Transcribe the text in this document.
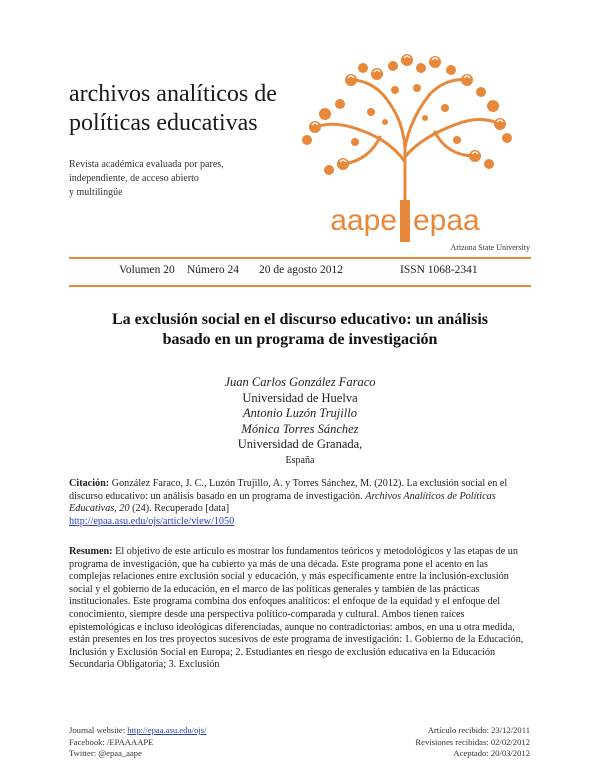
archivos analíticos de
políticas educativas
Revista académica evaluada por pares,
independiente, de acceso abierto
y multilingüe
aape epaa
Arizona State University
Volumen 20 Número 24 20 de agosto 2012	ISSN 1068-2341
La exclusión social en el discurso educativo: un análisis
basado en un programa de investigación
Juan Carlos González Faraco
Universidad de Huelva
Antonio Luzón Trujillo
Mónica Torres Sánchez
Universidad de Granada,
España
Citación: González Faraco, J. C., Luzón Trujillo, A. y Torres Sánchez, M. (2012). La exclusión social en el discurso educativo: un análisis basado en un programa de investigación. Archivos Analíticos de Políticas Educativas, 20 (24). Recuperado [data]
http://epaa.asu.edu/ojs/article/view/1050
Resumen: El objetivo de este artículo es mostrar los fundamentos teóricos y metodológicos y las etapas de un programa de investigación, que ha cubierto ya más de una década. Este programa pone el acento en las complejas relaciones entre exclusión social y educación, y más específicamente entre la inclusión-exclusión social y el gobierno de la educación, en el marco de las políticas generales y también de las prácticas institucionales. Este programa combina dos enfoques analíticos: el enfoque de la equidad y el enfoque del conocimiento, siempre desde una perspectiva político-comparada y cultural. Ambos tienen raíces epistemológicas e incluso ideológicas diferenciadas, aunque no contradictorias: ambos, en una u otra medida, están presentes en los tres proyectos sucesivos de este programa de investigación: 1. Gobierno de la Educación, Inclusión y Exclusión Social en Europa; 2. Estudiantes en riesgo de exclusión educativa en la Educación Secundaria Obligatoria; 3. Exclusión
Journal website: http://epaa.asu.edu/ojs/
Facebook: /EPAAAAPE
Twitter: @epaa_aape
Artículo recibido: 23/12/2011
Revisiones recibidas: 02/02/2012
Aceptado: 20/03/2012
